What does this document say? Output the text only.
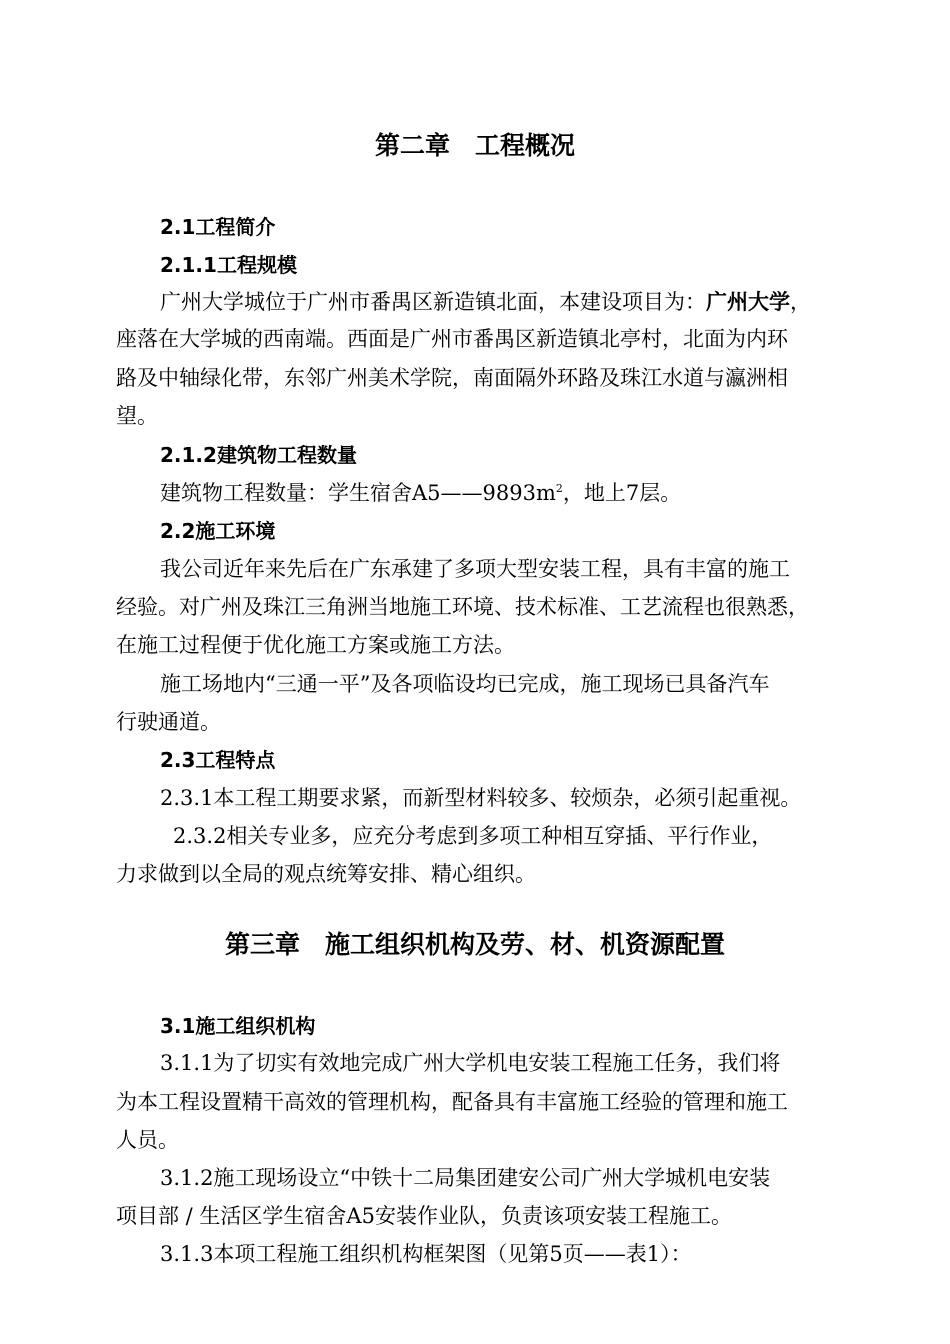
第二章　工程概况
2.1工程简介
2.1.1工程规模
广州大学城位于广州市番禺区新造镇北面，本建设项目为：广州大学，
座落在大学城的西南端。西面是广州市番禺区新造镇北亭村，北面为内环
路及中轴绿化带，东邻广州美术学院，南面隔外环路及珠江水道与瀛洲相
望。
2.1.2建筑物工程数量
建筑物工程数量：学生宿舍$A5——9893m^2$，地上7层。
2.2施工环境
我公司近年来先后在广东承建了多项大型安装工程，具有丰富的施工
经验。对广州及珠江三角洲当地施工环境、技术标准、工艺流程也很熟悉，
在施工过程便于优化施工方案或施工方法。
施工场地内“三通一平”及各项临设均已完成，施工现场已具备汽车
行驶通道。
2.3工程特点
2.3.1本工程工期要求紧，而新型材料较多、较烦杂，必须引起重视。
2.3.2相关专业多，应充分考虑到多项工种相互穿插、平行作业，
力求做到以全局的观点统筹安排、精心组织。
第三章　施工组织机构及劳、材、机资源配置
3.1施工组织机构
3.1.1为了切实有效地完成广州大学机电安装工程施工任务，我们将
为本工程设置精干高效的管理机构，配备具有丰富施工经验的管理和施工
人员。
3.1.2施工现场设立“中铁十二局集团建安公司广州大学城机电安装
项目部 / 生活区学生宿舍A5安装作业队，负责该项安装工程施工。
3.1.3本项工程施工组织机构框架图（见第5页——表1）：
